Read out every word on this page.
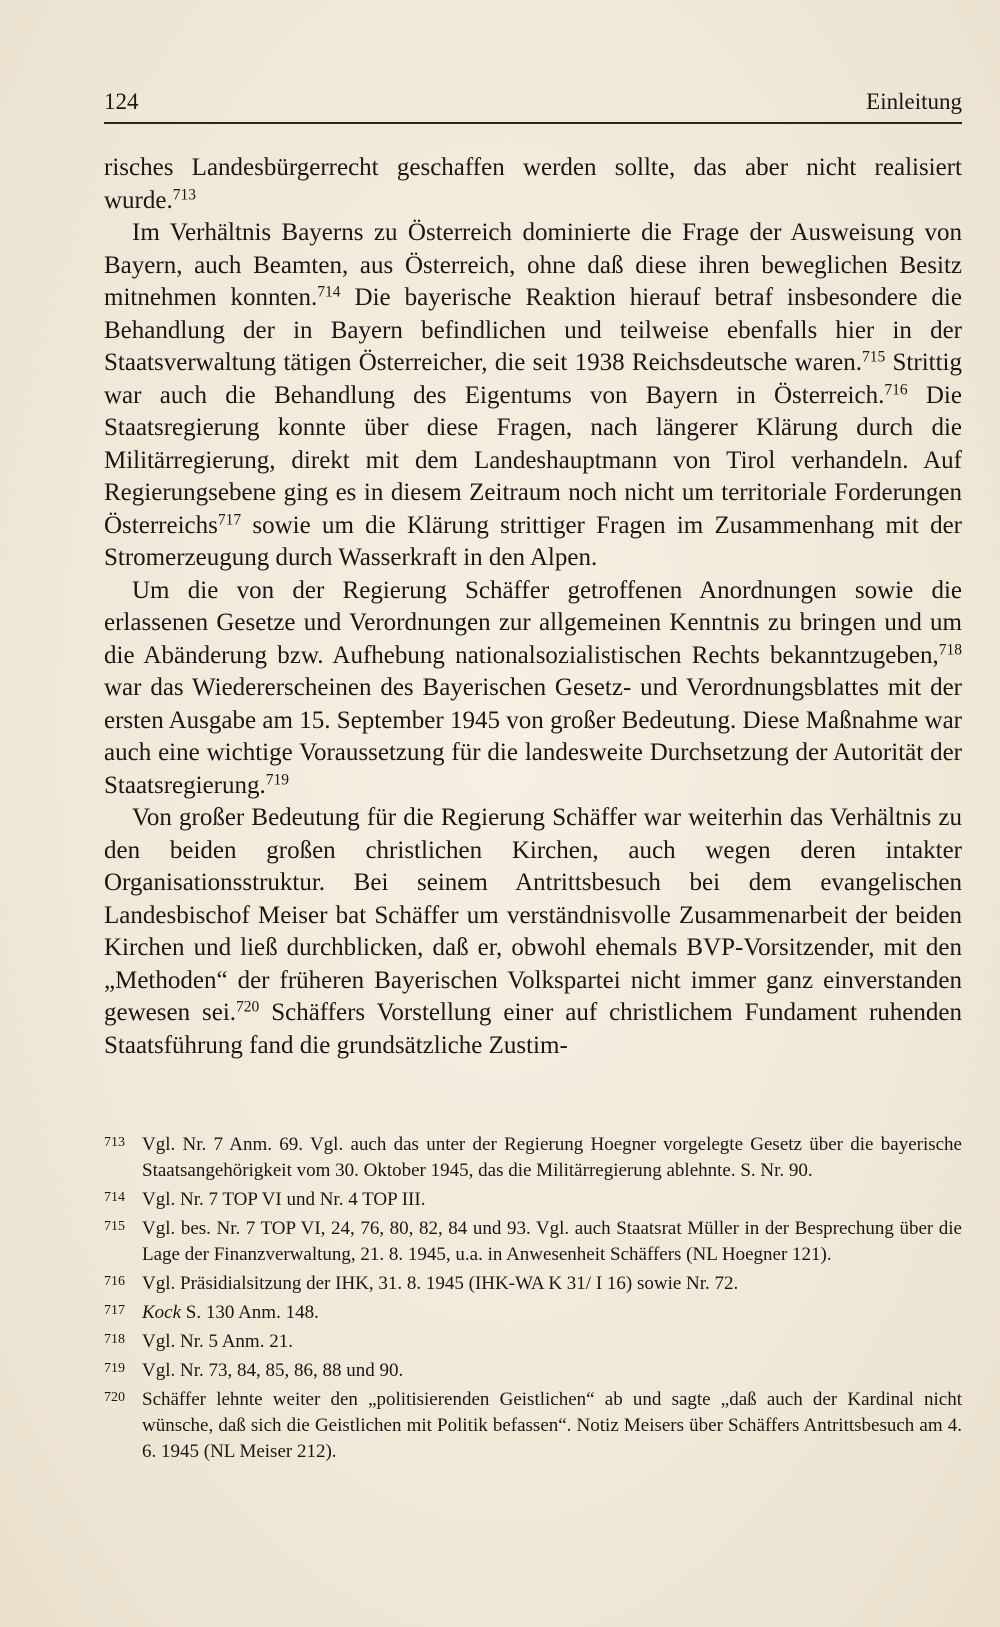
124	Einleitung

risches Landesbürgerrecht geschaffen werden sollte, das aber nicht realisiert wurde.$^{713}$

Im Verhältnis Bayerns zu Österreich dominierte die Frage der Ausweisung von Bayern, auch Beamten, aus Österreich, ohne daß diese ihren beweglichen Besitz mitnehmen konnten.$^{714}$ Die bayerische Reaktion hierauf betraf insbesondere die Behandlung der in Bayern befindlichen und teilweise ebenfalls hier in der Staatsverwaltung tätigen Österreicher, die seit 1938 Reichsdeutsche waren.$^{715}$ Strittig war auch die Behandlung des Eigentums von Bayern in Österreich.$^{716}$ Die Staatsregierung konnte über diese Fragen, nach längerer Klärung durch die Militärregierung, direkt mit dem Landeshauptmann von Tirol verhandeln. Auf Regierungsebene ging es in diesem Zeitraum noch nicht um territoriale Forderungen Österreichs$^{717}$ sowie um die Klärung strittiger Fragen im Zusammenhang mit der Stromerzeugung durch Wasserkraft in den Alpen.

Um die von der Regierung Schäffer getroffenen Anordnungen sowie die erlassenen Gesetze und Verordnungen zur allgemeinen Kenntnis zu bringen und um die Abänderung bzw. Aufhebung nationalsozialistischen Rechts bekanntzugeben,$^{718}$ war das Wiedererscheinen des Bayerischen Gesetz- und Verordnungsblattes mit der ersten Ausgabe am 15. September 1945 von großer Bedeutung. Diese Maßnahme war auch eine wichtige Voraussetzung für die landesweite Durchsetzung der Autorität der Staatsregierung.$^{719}$

Von großer Bedeutung für die Regierung Schäffer war weiterhin das Verhältnis zu den beiden großen christlichen Kirchen, auch wegen deren intakter Organisationsstruktur. Bei seinem Antrittsbesuch bei dem evangelischen Landesbischof Meiser bat Schäffer um verständnisvolle Zusammenarbeit der beiden Kirchen und ließ durchblicken, daß er, obwohl ehemals BVP-Vorsitzender, mit den „Methoden“ der früheren Bayerischen Volkspartei nicht immer ganz einverstanden gewesen sei.$^{720}$ Schäffers Vorstellung einer auf christlichem Fundament ruhenden Staatsführung fand die grundsätzliche Zustim-

713 Vgl. Nr. 7 Anm. 69. Vgl. auch das unter der Regierung Hoegner vorgelegte Gesetz über die bayerische Staatsangehörigkeit vom 30. Oktober 1945, das die Militärregierung ablehnte. S. Nr. 90.
714 Vgl. Nr. 7 TOP VI und Nr. 4 TOP III.
715 Vgl. bes. Nr. 7 TOP VI, 24, 76, 80, 82, 84 und 93. Vgl. auch Staatsrat Müller in der Besprechung über die Lage der Finanzverwaltung, 21. 8. 1945, u.a. in Anwesenheit Schäffers (NL Hoegner 121).
716 Vgl. Präsidialsitzung der IHK, 31. 8. 1945 (IHK-WA K 31/ I 16) sowie Nr. 72.
717 Kock S. 130 Anm. 148.
718 Vgl. Nr. 5 Anm. 21.
719 Vgl. Nr. 73, 84, 85, 86, 88 und 90.
720 Schäffer lehnte weiter den „politisierenden Geistlichen“ ab und sagte „daß auch der Kardinal nicht wünsche, daß sich die Geistlichen mit Politik befassen“. Notiz Meisers über Schäffers Antrittsbesuch am 4. 6. 1945 (NL Meiser 212).
